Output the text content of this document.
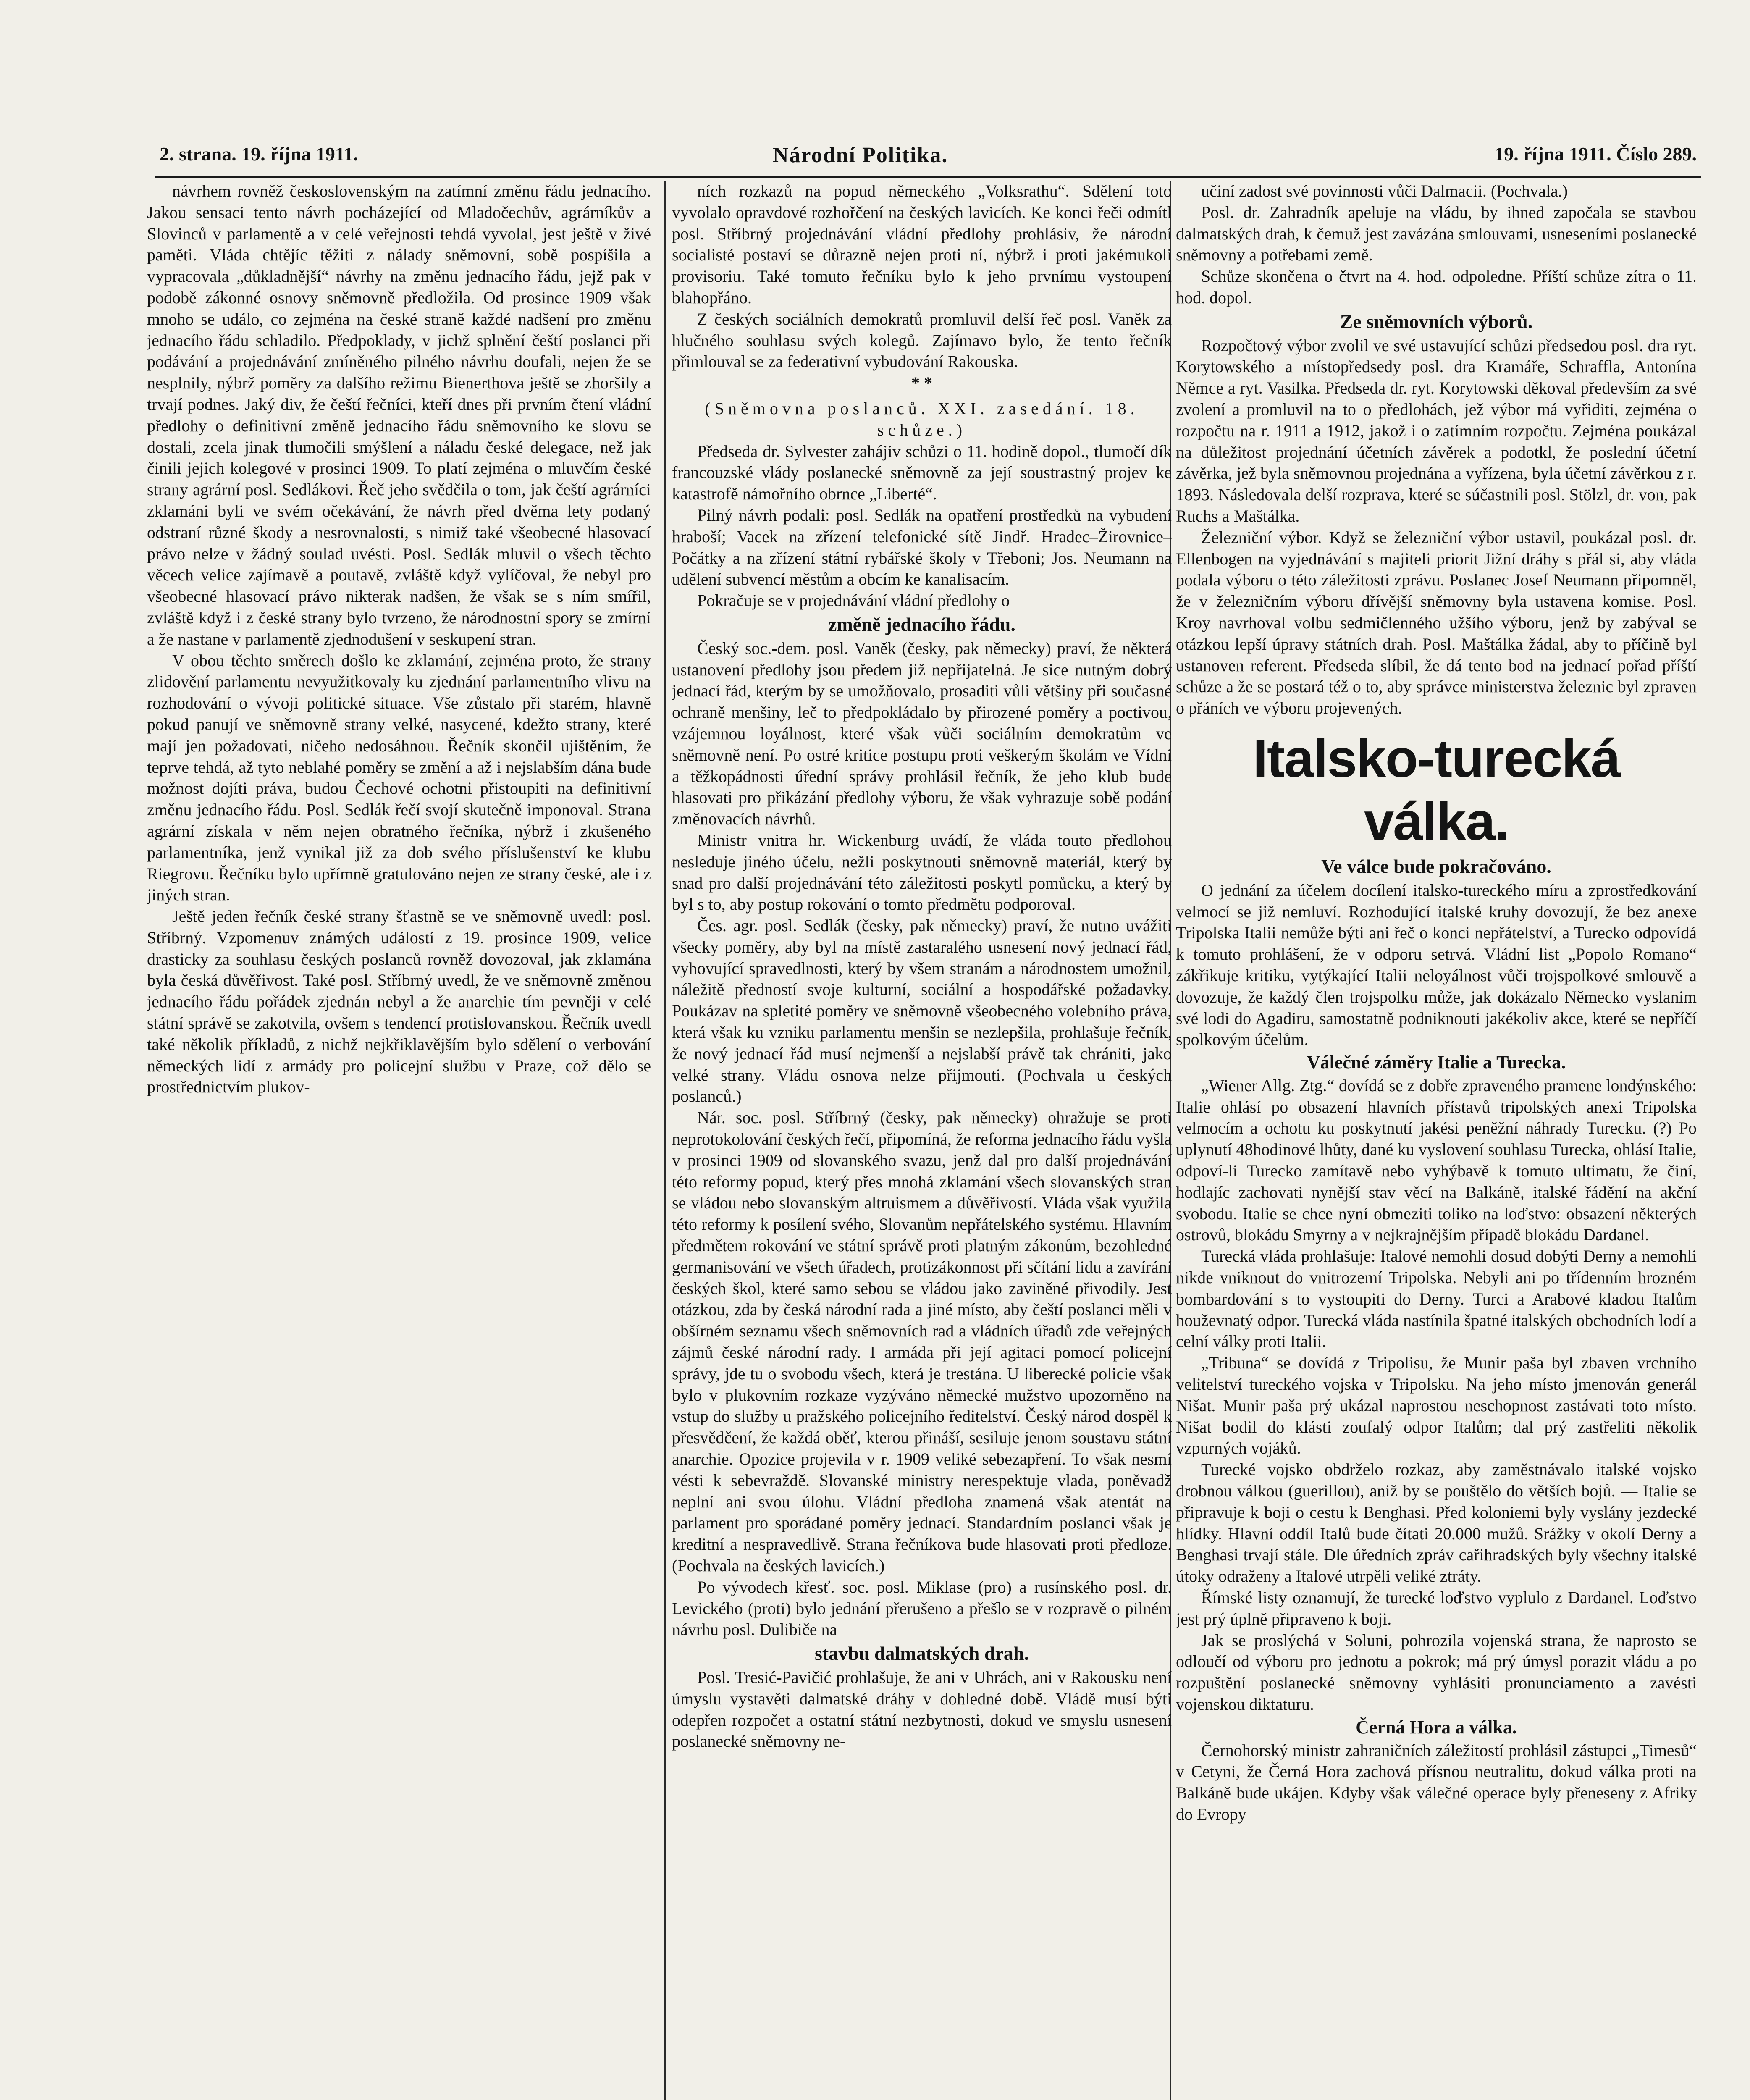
2. strana. 19. října 1911.	Národní Politika.	19. října 1911. Číslo 289.

návrhem rovněž československým na zatímní změnu řádu jednacího. Jakou sensaci tento návrh pocházející od Mladočechův, agrárníkův a Slovinců v parlamentě a v celé veřejnosti tehdá vyvolal, jest ještě v živé paměti. Vláda chtějíc těžiti z nálady sněmovní, sobě pospíšila a vypracovala „důkladnější“ návrhy na změnu jednacího řádu, jejž pak v podobě zákonné osnovy sněmovně předložila. Od prosince 1909 však mnoho se událo, co zejména na české straně každé nadšení pro změnu jednacího řádu schladilo. Předpoklady, v jichž splnění čeští poslanci při podávání a projednávání zmíněného pilného návrhu doufali, nejen že se nesplnily, nýbrž poměry za dalšího režimu Bienerthova ještě se zhoršily a trvají podnes. Jaký div, že čeští řečníci, kteří dnes při prvním čtení vládní předlohy o definitivní změně jednacího řádu sněmovního ke slovu se dostali, zcela jinak tlumočili smýšlení a náladu české delegace, než jak činili jejich kolegové v prosinci 1909. To platí zejména o mluvčím české strany agrární posl. Sedlákovi. Řeč jeho svědčila o tom, jak čeští agrárníci zklamáni byli ve svém očekávání, že návrh před dvěma lety podaný odstraní různé škody a nesrovnalosti, s nimiž také všeobecné hlasovací právo nelze v žádný soulad uvésti. Posl. Sedlák mluvil o všech těchto věcech velice zajímavě a poutavě, zvláště když vylíčoval, že nebyl pro všeobecné hlasovací právo nikterak nadšen, že však se s ním smířil, zvláště když i z české strany bylo tvrzeno, že národnostní spory se zmírní a že nastane v parlamentě zjednodušení v seskupení stran.

V obou těchto směrech došlo ke zklamání, zejména proto, že strany zlidovění parlamentu nevyužitkovaly ku zjednání parlamentního vlivu na rozhodování o vývoji politické situace. Vše zůstalo při starém, hlavně pokud panují ve sněmovně strany velké, nasycené, kdežto strany, které mají jen požadovati, ničeho nedosáhnou. Řečník skončil ujištěním, že teprve tehdá, až tyto neblahé poměry se změní a až i nejslabším dána bude možnost dojíti práva, budou Čechové ochotni přistoupiti na definitivní změnu jednacího řádu. Posl. Sedlák řečí svojí skutečně imponoval. Strana agrární získala v něm nejen obratného řečníka, nýbrž i zkušeného parlamentníka, jenž vynikal již za dob svého příslušenství ke klubu Riegrovu. Řečníku bylo upřímně gratulováno nejen ze strany české, ale i z jiných stran.

Ještě jeden řečník české strany šťastně se ve sněmovně uvedl: posl. Stříbrný. Vzpomenuv známých událostí z 19. prosince 1909, velice drasticky za souhlasu českých poslanců rovněž dovozoval, jak zklamána byla česká důvěřivost. Také posl. Stříbrný uvedl, že ve sněmovně změnou jednacího řádu pořádek zjednán nebyl a že anarchie tím pevněji v celé státní správě se zakotvila, ovšem s tendencí protislovanskou. Řečník uvedl také několik příkladů, z nichž nejkřiklavějším bylo sdělení o verbování německých lidí z armády pro policejní službu v Praze, což dělo se prostřednictvím plukov-

ních rozkazů na popud německého „Volksrathu“. Sdělení toto vyvolalo opravdové rozhořčení na českých lavicích. Ke konci řeči odmítl posl. Stříbrný projednávání vládní předlohy prohlásiv, že národní socialisté postaví se důrazně nejen proti ní, nýbrž i proti jakémukoli provisoriu. Také tomuto řečníku bylo k jeho prvnímu vystoupení blahopřáno.

Z českých sociálních demokratů promluvil delší řeč posl. Vaněk za hlučného souhlasu svých kolegů. Zajímavo bylo, že tento řečník přimlouval se za federativní vybudování Rakouska.

* *

(Sněmovna poslanců. XXI. zasedání. 18. schůze.)

Předseda dr. Sylvester zahájiv schůzi o 11. hodině dopol., tlumočí dík francouzské vlády poslanecké sněmovně za její soustrastný projev ke katastrofě námořního obrnce „Liberté“.

Pilný návrh podali: posl. Sedlák na opatření prostředků na vybudení hraboší; Vacek na zřízení telefonické sítě Jindř. Hradec–Žirovnice–Počátky a na zřízení státní rybářské školy v Třeboni; Jos. Neumann na udělení subvencí městům a obcím ke kanalisacím.

Pokračuje se v projednávání vládní předlohy o

změně jednacího řádu.

Český soc.-dem. posl. Vaněk (česky, pak německy) praví, že některá ustanovení předlohy jsou předem již nepřijatelná. Je sice nutným dobrý jednací řád, kterým by se umožňovalo, prosaditi vůli většiny při současné ochraně menšiny, leč to předpokládalo by přirozené poměry a poctivou, vzájemnou loyálnost, které však vůči sociálním demokratům ve sněmovně není. Po ostré kritice postupu proti veškerým školám ve Vídni a těžkopádnosti úřední správy prohlásil řečník, že jeho klub bude hlasovati pro přikázání předlohy výboru, že však vyhrazuje sobě podání změnovacích návrhů.

Ministr vnitra hr. Wickenburg uvádí, že vláda touto předlohou nesleduje jiného účelu, nežli poskytnouti sněmovně materiál, který by snad pro další projednávání této záležitosti poskytl pomůcku, a který by byl s to, aby postup rokování o tomto předmětu podporoval.

Čes. agr. posl. Sedlák (česky, pak německy) praví, že nutno uvážiti všecky poměry, aby byl na místě zastaralého usnesení nový jednací řád, vyhovující spravedlnosti, který by všem stranám a národnostem umožnil, náležitě předností svoje kulturní, sociální a hospodářské požadavky. Poukázav na spletité poměry ve sněmovně všeobecného volebního práva, která však ku vzniku parlamentu menšin se nezlepšila, prohlašuje řečník, že nový jednací řád musí nejmenší a nejslabší právě tak chrániti, jako velké strany. Vládu osnova nelze přijmouti. (Pochvala u českých poslanců.)

Nár. soc. posl. Stříbrný (česky, pak německy) ohražuje se proti neprotokolování českých řečí, připomíná, že reforma jednacího řádu vyšla v prosinci 1909 od slovanského svazu, jenž dal pro další projednávání této reformy popud, který přes mnohá zklamání všech slovanských stran se vládou nebo slovanským altruismem a důvěřivostí. Vláda však využila této reformy k posílení svého, Slovanům nepřátelského systému. Hlavním předmětem rokování ve státní správě proti platným zákonům, bezohledné germanisování ve všech úřadech, protizákonnost při sčítání lidu a zavírání českých škol, které samo sebou se vládou jako zaviněné přivodily. Jest otázkou, zda by česká národní rada a jiné místo, aby čeští poslanci měli v obšírném seznamu všech sněmovních rad a vládních úřadů zde veřejných zájmů české národní rady. I armáda při její agitaci pomocí policejní správy, jde tu o svobodu všech, která je trestána. U liberecké policie však bylo v plukovním rozkaze vyzýváno německé mužstvo upozorněno na vstup do služby u pražského policejního ředitelství. Český národ dospěl k přesvědčení, že každá oběť, kterou přináší, sesiluje jenom soustavu státní anarchie. Opozice projevila v r. 1909 veliké sebezapření. To však nesmí vésti k sebevraždě. Slovanské ministry nerespektuje vlada, poněvadž neplní ani svou úlohu. Vládní předloha znamená však atentát na parlament pro sporádané poměry jednací. Standardním poslanci však je kreditní a nespravedlivě. Strana řečníkova bude hlasovati proti předloze. (Pochvala na českých lavicích.)

Po vývodech křesť. soc. posl. Miklase (pro) a rusínského posl. dr. Levického (proti) bylo jednání přerušeno a přešlo se v rozpravě o pilném návrhu posl. Dulibiče na

stavbu dalmatských drah.

Posl. Tresić-Pavičić prohlašuje, že ani v Uhrách, ani v Rakousku není úmyslu vystavěti dalmatské dráhy v dohledné době. Vládě musí býti odepřen rozpočet a ostatní státní nezbytnosti, dokud ve smyslu usnesení poslanecké sněmovny ne-

učiní zadost své povinnosti vůči Dalmacii. (Pochvala.)

Posl. dr. Zahradník apeluje na vládu, by ihned započala se stavbou dalmatských drah, k čemuž jest zavázána smlouvami, usneseními poslanecké sněmovny a potřebami země.

Schůze skončena o čtvrt na 4. hod. odpoledne. Příští schůze zítra o 11. hod. dopol.

Ze sněmovních výborů.

Rozpočtový výbor zvolil ve své ustavující schůzi předsedou posl. dra ryt. Korytowského a místopředsedy posl. dra Kramáře, Schraffla, Antonína Němce a ryt. Vasilka. Předseda dr. ryt. Korytowski děkoval především za své zvolení a promluvil na to o předlohách, jež výbor má vyřiditi, zejména o rozpočtu na r. 1911 a 1912, jakož i o zatímním rozpočtu. Zejména poukázal na důležitost projednání účetních závěrek a podotkl, že poslední účetní závěrka, jež byla sněmovnou projednána a vyřízena, byla účetní závěrkou z r. 1893. Následovala delší rozprava, které se súčastnili posl. Stölzl, dr. von, pak Ruchs a Maštálka.

Železniční výbor. Když se železniční výbor ustavil, poukázal posl. dr. Ellenbogen na vyjednávání s majiteli priorit Jižní dráhy s přál si, aby vláda podala výboru o této záležitosti zprávu. Poslanec Josef Neumann připomněl, že v železničním výboru dřívější sněmovny byla ustavena komise. Posl. Kroy navrhoval volbu sedmičlenného užšího výboru, jenž by zabýval se otázkou lepší úpravy státních drah. Posl. Maštálka žádal, aby to příčině byl ustanoven referent. Předseda slíbil, že dá tento bod na jednací pořad příští schůze a že se postará též o to, aby správce ministerstva železnic byl zpraven o přáních ve výboru projevených.

Italsko-turecká válka.

Ve válce bude pokračováno.

O jednání za účelem docílení italsko-tureckého míru a zprostředkování velmocí se již nemluví. Rozhodující italské kruhy dovozují, že bez anexe Tripolska Italii nemůže býti ani řeč o konci nepřátelství, a Turecko odpovídá k tomuto prohlášení, že v odporu setrvá. Vládní list „Popolo Romano“ zákřikuje kritiku, vytýkající Italii neloyálnost vůči trojspolkové smlouvě a dovozuje, že každý člen trojspolku může, jak dokázalo Německo vyslanim své lodi do Agadiru, samostatně podniknouti jakékoliv akce, které se nepříčí spolkovým účelům.

Válečné záměry Italie a Turecka.

„Wiener Allg. Ztg.“ dovídá se z dobře zpraveného pramene londýnského: Italie ohlásí po obsazení hlavních přístavů tripolských anexi Tripolska velmocím a ochotu ku poskytnutí jakési peněžní náhrady Turecku. (?) Po uplynutí 48hodinové lhůty, dané ku vyslovení souhlasu Turecka, ohlásí Italie, odpoví-li Turecko zamítavě nebo vyhýbavě k tomuto ultimatu, že činí, hodlajíc zachovati nynější stav věcí na Balkáně, italské řádění na akční svobodu. Italie se chce nyní obmeziti toliko na loďstvo: obsazení některých ostrovů, blokádu Smyrny a v nejkrajnějším případě blokádu Dardanel.

Turecká vláda prohlašuje: Italové nemohli dosud dobýti Derny a nemohli nikde vniknout do vnitrozemí Tripolska. Nebyli ani po třídenním hrozném bombardování s to vystoupiti do Derny. Turci a Arabové kladou Italům houževnatý odpor. Turecká vláda nastínila špatné italských obchodních lodí a celní války proti Italii.

„Tribuna“ se dovídá z Tripolisu, že Munir paša byl zbaven vrchního velitelství tureckého vojska v Tripolsku. Na jeho místo jmenován generál Nišat. Munir paša prý ukázal naprostou neschopnost zastávati toto místo. Nišat bodil do klásti zoufalý odpor Italům; dal prý zastřeliti několik vzpurných vojáků.

Turecké vojsko obdrželo rozkaz, aby zaměstnávalo italské vojsko drobnou válkou (guerillou), aniž by se pouštělo do větších bojů. — Italie se připravuje k boji o cestu k Benghasi. Před koloniemi byly vyslány jezdecké hlídky. Hlavní oddíl Italů bude čítati 20.000 mužů. Srážky v okolí Derny a Benghasi trvají stále. Dle úředních zpráv cařihradských byly všechny italské útoky odraženy a Italové utrpěli veliké ztráty.

Římské listy oznamují, že turecké loďstvo vyplulo z Dardanel. Loďstvo jest prý úplně připraveno k boji.

Jak se proslýchá v Soluni, pohrozila vojenská strana, že naprosto se odloučí od výboru pro jednotu a pokrok; má prý úmysl porazit vládu a po rozpuštění poslanecké sněmovny vyhlásiti pronunciamento a zavésti vojenskou diktaturu.

Černá Hora a válka.

Černohorský ministr zahraničních záležitostí prohlásil zástupci „Timesů“ v Cetyni, že Černá Hora zachová přísnou neutralitu, dokud válka proti na Balkáně bude ukájen. Kdyby však válečné operace byly přeneseny z Afriky do Evropy
